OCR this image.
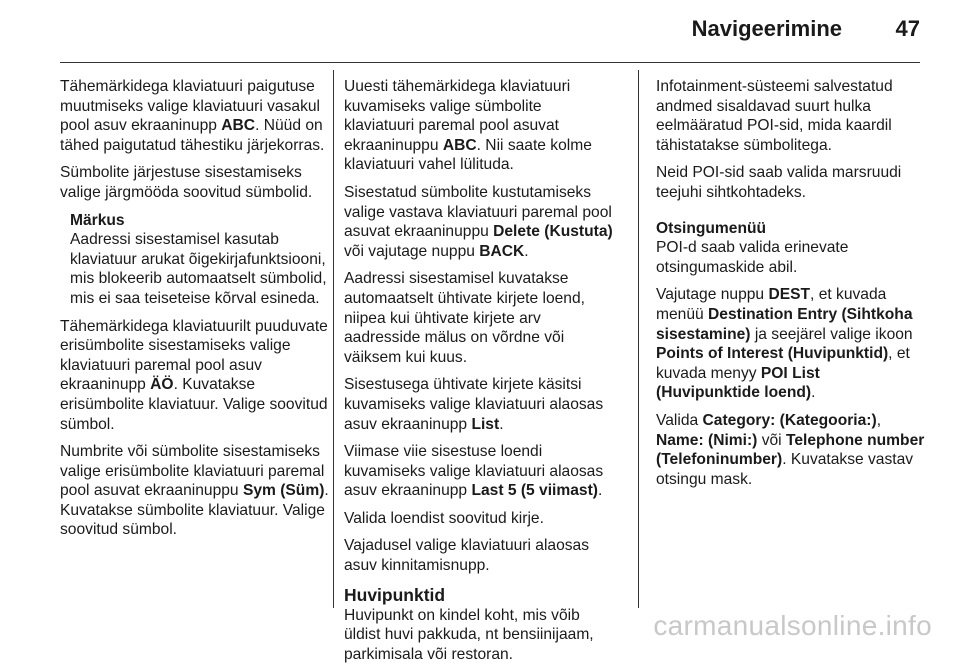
Navigeerimine 47

Tähemärkidega klaviatuuri paigutuse muutmiseks valige klaviatuuri vasakul pool asuv ekraaninupp ABC. Nüüd on tähed paigutatud tähestiku järjekorras.

Sümbolite järjestuse sisestamiseks valige järgmööda soovitud sümbolid.

Märkus
Aadressi sisestamisel kasutab klaviatuur arukat õigekirjafunktsiooni, mis blokeerib automaatselt sümbolid, mis ei saa teiseteise kõrval esineda.

Tähemärkidega klaviatuurilt puuduvate erisümbolite sisestamiseks valige klaviatuuri paremal pool asuv ekraaninupp ÄÖ. Kuvatakse erisümbolite klaviatuur. Valige soovitud sümbol.

Numbrite või sümbolite sisestamiseks valige erisümbolite klaviatuuri paremal pool asuvat ekraaninuppu Sym (Süm). Kuvatakse sümbolite klaviatuur. Valige soovitud sümbol.

Uuesti tähemärkidega klaviatuuri kuvamiseks valige sümbolite klaviatuuri paremal pool asuvat ekraaninuppu ABC. Nii saate kolme klaviatuuri vahel lülituda.

Sisestatud sümbolite kustutamiseks valige vastava klaviatuuri paremal pool asuvat ekraaninuppu Delete (Kustuta) või vajutage nuppu BACK.

Aadressi sisestamisel kuvatakse automaatselt ühtivate kirjete loend, niipea kui ühtivate kirjete arv aadresside mälus on võrdne või väiksem kui kuus.

Sisestusega ühtivate kirjete käsitsi kuvamiseks valige klaviatuuri alaosas asuv ekraaninupp List.

Viimase viie sisestuse loendi kuvamiseks valige klaviatuuri alaosas asuv ekraaninupp Last 5 (5 viimast).

Valida loendist soovitud kirje.

Vajadusel valige klaviatuuri alaosas asuv kinnitamisnupp.

Huvipunktid

Huvipunkt on kindel koht, mis võib üldist huvi pakkuda, nt bensiinijaam, parkimisala või restoran.

Infotainment-süsteemi salvestatud andmed sisaldavad suurt hulka eelmääratud POI-sid, mida kaardil tähistatakse sümbolitega.

Neid POI-sid saab valida marsruudi teejuhi sihtkohtadeks.

Otsingumenüü

POI-d saab valida erinevate otsingumaskide abil.

Vajutage nuppu DEST, et kuvada menüü Destination Entry (Sihtkoha sisestamine) ja seejärel valige ikoon Points of Interest (Huvipunktid), et kuvada menyy POI List (Huvipunktide loend).

Valida Category: (Kategooria:), Name: (Nimi:) või Telephone number (Telefoninumber). Kuvatakse vastav otsingu mask.

carmanualsonline.info
